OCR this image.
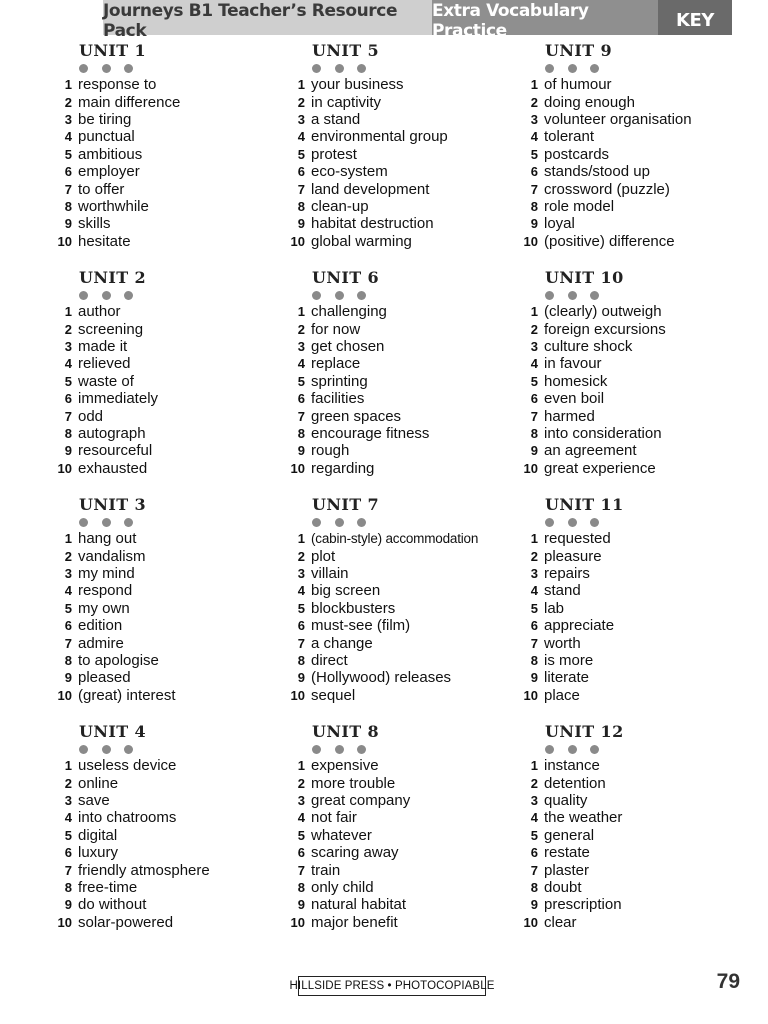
Journeys B1 Teacher’s Resource Pack
Extra Vocabulary Practice	KEY
UNIT 1
1 response to
2 main difference
3 be tiring
4 punctual
5 ambitious
6 employer
7 to offer
8 worthwhile
9 skills
10 hesitate
UNIT 5
1 your business
2 in captivity
3 a stand
4 environmental group
5 protest
6 eco-system
7 land development
8 clean-up
9 habitat destruction
10 global warming
UNIT 9
1 of humour
2 doing enough
3 volunteer organisation
4 tolerant
5 postcards
6 stands/stood up
7 crossword (puzzle)
8 role model
9 loyal
10 (positive) difference
UNIT 2
1 author
2 screening
3 made it
4 relieved
5 waste of
6 immediately
7 odd
8 autograph
9 resourceful
10 exhausted
UNIT 6
1 challenging
2 for now
3 get chosen
4 replace
5 sprinting
6 facilities
7 green spaces
8 encourage fitness
9 rough
10 regarding
UNIT 10
1 (clearly) outweigh
2 foreign excursions
3 culture shock
4 in favour
5 homesick
6 even boil
7 harmed
8 into consideration
9 an agreement
10 great experience
UNIT 3
1 hang out
2 vandalism
3 my mind
4 respond
5 my own
6 edition
7 admire
8 to apologise
9 pleased
10 (great) interest
UNIT 7
1 (cabin-style) accommodation
2 plot
3 villain
4 big screen
5 blockbusters
6 must-see (film)
7 a change
8 direct
9 (Hollywood) releases
10 sequel
UNIT 11
1 requested
2 pleasure
3 repairs
4 stand
5 lab
6 appreciate
7 worth
8 is more
9 literate
10 place
UNIT 4
1 useless device
2 online
3 save
4 into chatrooms
5 digital
6 luxury
7 friendly atmosphere
8 free-time
9 do without
10 solar-powered
UNIT 8
1 expensive
2 more trouble
3 great company
4 not fair
5 whatever
6 scaring away
7 train
8 only child
9 natural habitat
10 major benefit
UNIT 12
1 instance
2 detention
3 quality
4 the weather
5 general
6 restate
7 plaster
8 doubt
9 prescription
10 clear
HILLSIDE PRESS • PHOTOCOPIABLE	79
